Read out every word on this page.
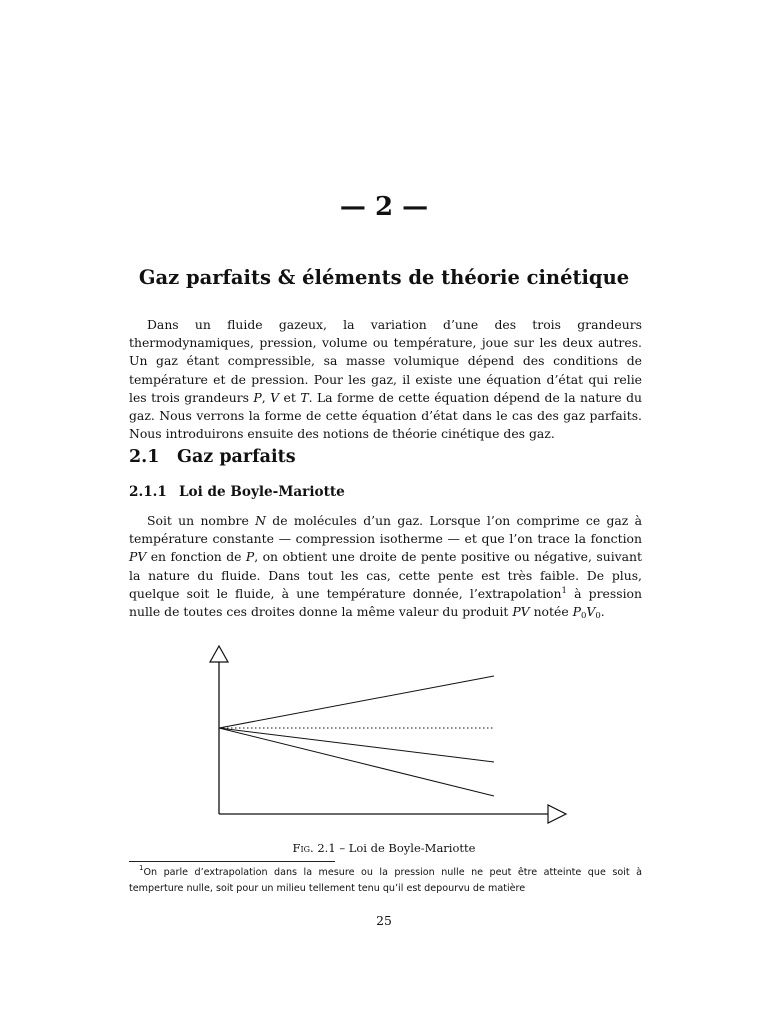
— 2 —
Gaz parfaits & éléments de théorie cinétique

Dans un fluide gazeux, la variation d’une des trois grandeurs thermodynamiques, pression, volume ou température, joue sur les deux autres. Un gaz étant compressible, sa masse volumique dépend des conditions de température et de pression. Pour les gaz, il existe une équation d’état qui relie les trois grandeurs P, V et T. La forme de cette équation dépend de la nature du gaz. Nous verrons la forme de cette équation d’état dans le cas des gaz parfaits. Nous introduirons ensuite des notions de théorie cinétique des gaz.

2.1 Gaz parfaits
2.1.1 Loi de Boyle-Mariotte

Soit un nombre N de molécules d’un gaz. Lorsque l’on comprime ce gaz à température constante — compression isotherme — et que l’on trace la fonction PV en fonction de P, on obtient une droite de pente positive ou négative, suivant la nature du fluide. Dans tout les cas, cette pente est très faible. De plus, quelque soit le fluide, à une température donnée, l’extrapolation$^1$ à pression nulle de toutes ces droites donne la même valeur du produit PV notée $P_0V_0$.

Fig. 2.1 – Loi de Boyle-Mariotte
$^1$On parle d’extrapolation dans la mesure ou la pression nulle ne peut être atteinte que soit à temperture nulle, soit pour un milieu tellement tenu qu’il est depourvu de matière
25
